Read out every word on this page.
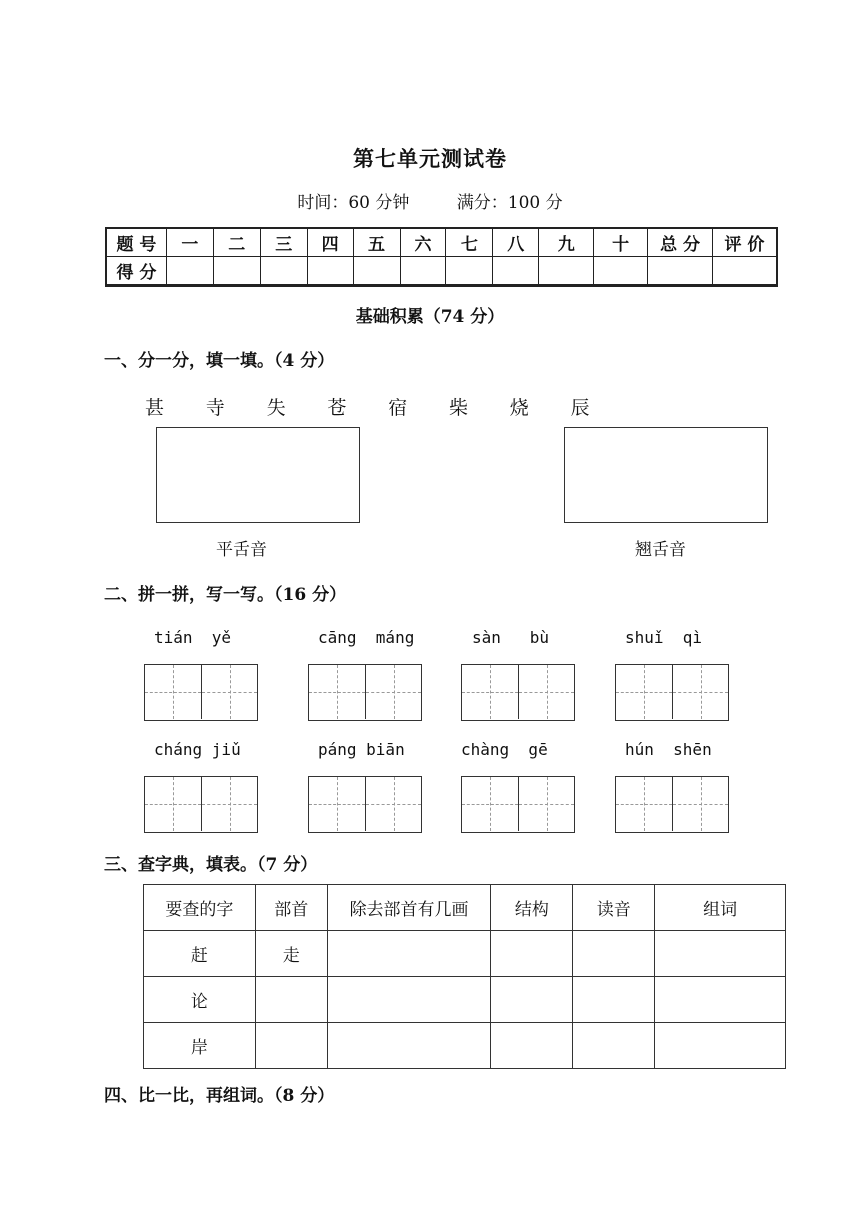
第七单元测试卷
时间：60 分钟	满分：100 分
题 号	一	二	三	四	五	六	七	八	九	十	总 分	评 价
得 分												
基础积累（74 分）
一、分一分，填一填。（4 分）
甚 寺 失 苍 宿 柴 烧 辰
平舌音	翘舌音
二、拼一拼，写一写。（16 分）
tián  yě	cāng  máng	sàn   bù	shuǐ  qì
cháng jiǔ	páng biān	chàng  gē	hún  shēn
三、查字典，填表。（7 分）
要查的字	部首	除去部首有几画	结构	读音	组词
赶	走				
论					
岸					
四、比一比，再组词。（8 分）
